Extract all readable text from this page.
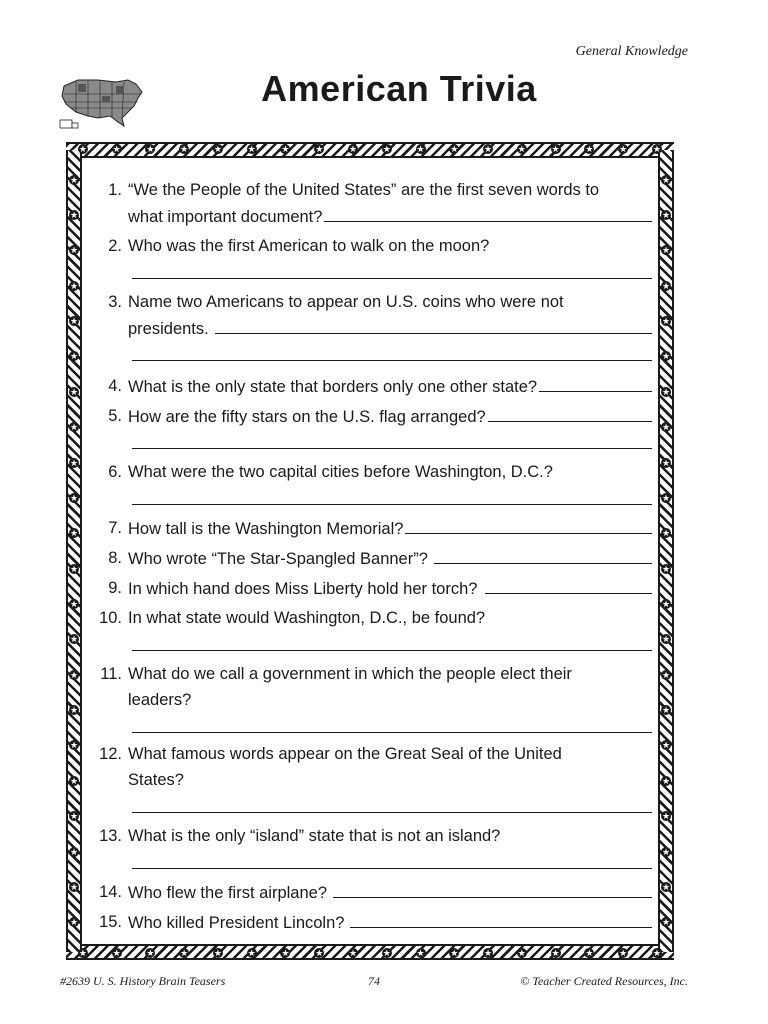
General Knowledge
American Trivia
★	★	★	★	★	★	★	★	★	★	★	★	★	★	★	★	★	★
★	★	★	★	★	★	★	★	★	★	★	★	★	★	★	★	★	★
★
★
★
★
★
★
★
★
★
★
★
★
★
★
★
★
★
★
★
★
★
★
★
★
★
★
★
★
★
★
★
★
★
★
★
★
★
★
★
★
★
★
★
★
1. “We the People of the United States” are the first seven words to
what important document?
2. Who was the first American to walk on the moon?
3. Name two Americans to appear on U.S. coins who were not
presidents.
4. What is the only state that borders only one other state?
5. How are the fifty stars on the U.S. flag arranged?
6. What were the two capital cities before Washington, D.C.?
7. How tall is the Washington Memorial?
8. Who wrote “The Star-Spangled Banner”?
9. In which hand does Miss Liberty hold her torch?
10. In what state would Washington, D.C., be found?
11. What do we call a government in which the people elect their
leaders?
12. What famous words appear on the Great Seal of the United
States?
13. What is the only “island” state that is not an island?
14. Who flew the first airplane?
15. Who killed President Lincoln?
#2639 U. S. History Brain Teasers	74	© Teacher Created Resources, Inc.
